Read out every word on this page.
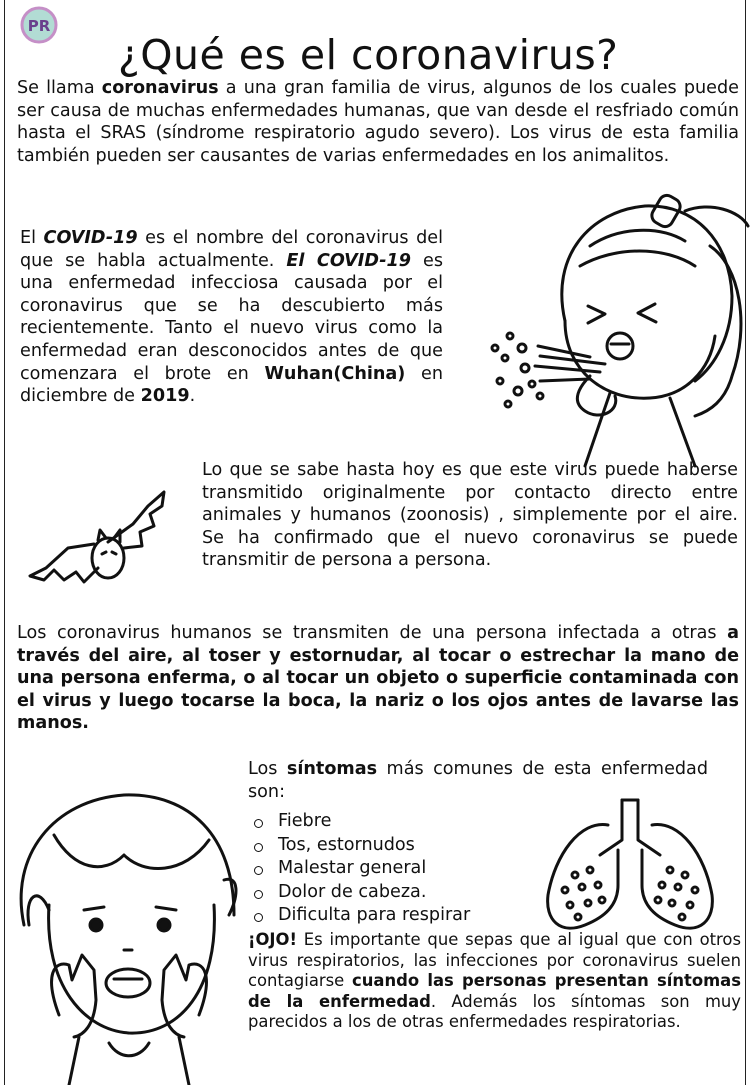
PR
¿Qué es el coronavirus?

Se llama coronavirus a una gran familia de virus, algunos de los cuales puede ser causa de muchas enfermedades humanas, que van desde el resfriado común hasta el SRAS (síndrome respiratorio agudo severo). Los virus de esta familia también pueden ser causantes de varias enfermedades en los animalitos.

El COVID-19 es el nombre del coronavirus del que se habla actualmente. El COVID-19 es una enfermedad infecciosa causada por el coronavirus que se ha descubierto más recientemente. Tanto el nuevo virus como la enfermedad eran desconocidos antes de que comenzara el brote en Wuhan(China) en diciembre de 2019.

Lo que se sabe hasta hoy es que este virus puede haberse transmitido originalmente por contacto directo entre animales y humanos (zoonosis) , simplemente por el aire. Se ha confirmado que el nuevo coronavirus se puede transmitir de persona a persona.

Los coronavirus humanos se transmiten de una persona infectada a otras a través del aire, al toser y estornudar, al tocar o estrechar la mano de una persona enferma, o al tocar un objeto o superficie contaminada con el virus y luego tocarse la boca, la nariz o los ojos antes de lavarse las manos.

Los síntomas más comunes de esta enfermedad son:

Fiebre
Tos, estornudos
Malestar general
Dolor de cabeza.
Dificulta para respirar

¡OJO! Es importante que sepas que al igual que con otros virus respiratorios, las infecciones por coronavirus suelen contagiarse cuando las personas presentan síntomas de la enfermedad. Además los síntomas son muy parecidos a los de otras enfermedades respiratorias.
